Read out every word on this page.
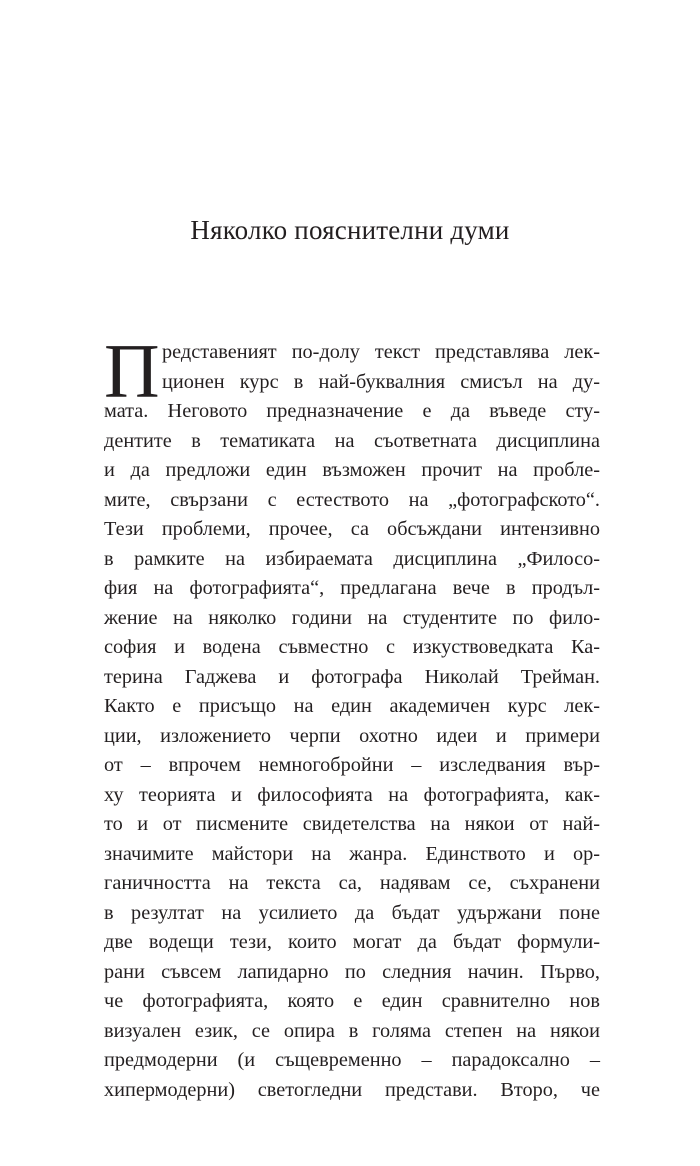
Няколко пояснителни думи
П редставеният по-долу текст представлява лек-
ционен курс в най-буквалния смисъл на ду-
мата. Неговото предназначение е да въведе сту-
дентите в тематиката на съответната дисциплина
и да предложи един възможен прочит на пробле-
мите, свързани с естеството на „фотографското“.
Тези проблеми, прочее, са обсъждани интензивно
в рамките на избираемата дисциплина „Филосо-
фия на фотографията“, предлагана вече в продъл-
жение на няколко години на студентите по фило-
софия и водена съвместно с изкуствоведката Ка-
терина Гаджева и фотографа Николай Трейман.
Както е присъщо на един академичен курс лек-
ции, изложението черпи охотно идеи и примери
от – впрочем немногобройни – изследвания вър-
ху теорията и философията на фотографията, как-
то и от писмените свидетелства на някои от най-
значимите майстори на жанра. Единството и ор-
ганичността на текста са, надявам се, съхранени
в резултат на усилието да бъдат удържани поне
две водещи тези, които могат да бъдат формули-
рани съвсем лапидарно по следния начин. Първо,
че фотографията, която е един сравнително нов
визуален език, се опира в голяма степен на някои
предмодерни (и същевременно – парадоксално –
хипермодерни) светогледни представи. Второ, че
